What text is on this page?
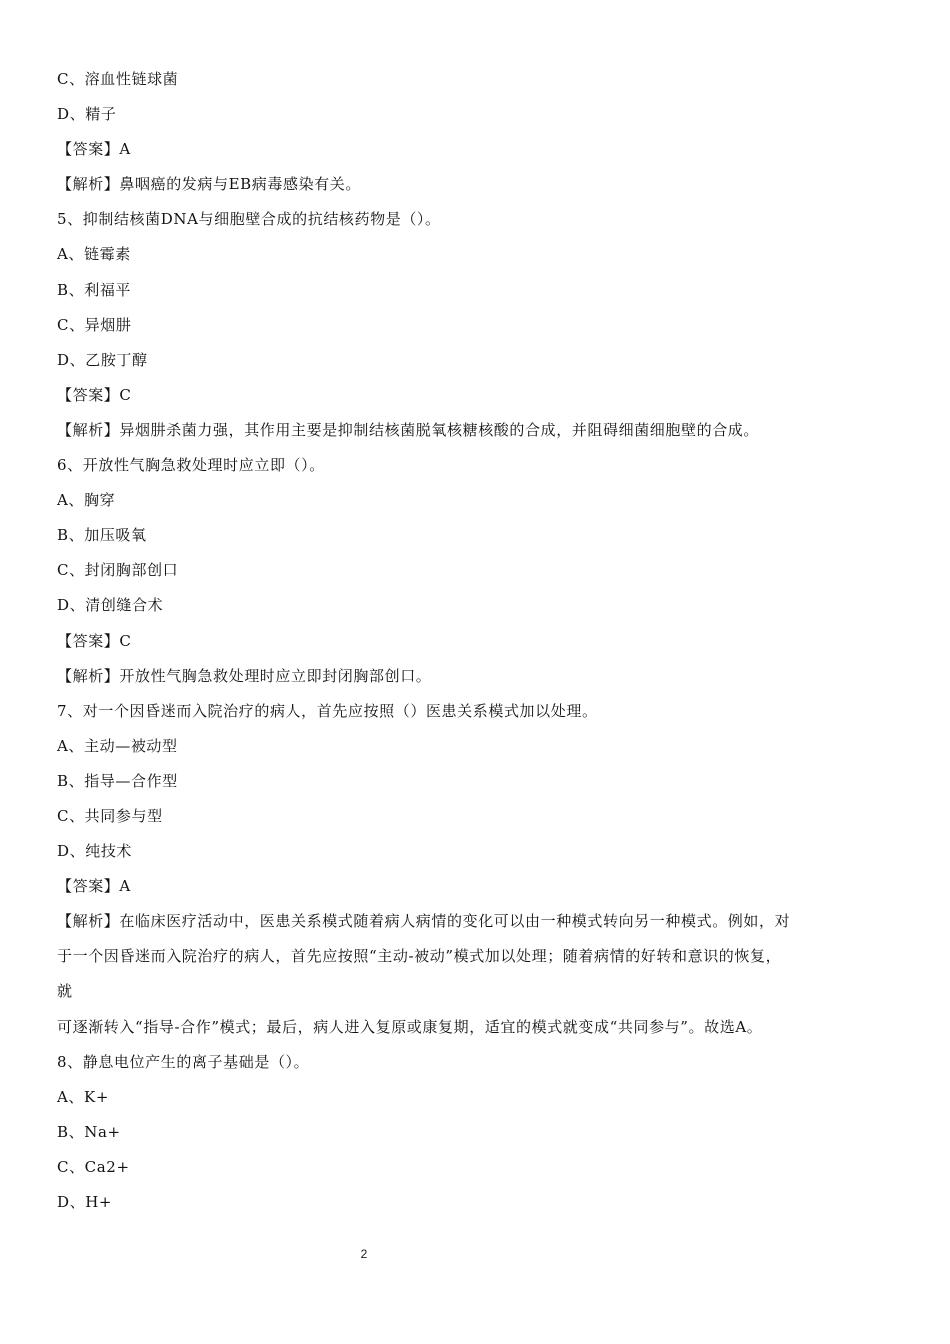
C、溶血性链球菌
D、精子
【答案】A
【解析】鼻咽癌的发病与EB病毒感染有关。
5、抑制结核菌DNA与细胞壁合成的抗结核药物是（）。
A、链霉素
B、利福平
C、异烟肼
D、乙胺丁醇
【答案】C
【解析】异烟肼杀菌力强，其作用主要是抑制结核菌脱氧核糖核酸的合成，并阻碍细菌细胞壁的合成。
6、开放性气胸急救处理时应立即（）。
A、胸穿
B、加压吸氧
C、封闭胸部创口
D、清创缝合术
【答案】C
【解析】开放性气胸急救处理时应立即封闭胸部创口。
7、对一个因昏迷而入院治疗的病人，首先应按照（）医患关系模式加以处理。
A、主动—被动型
B、指导—合作型
C、共同参与型
D、纯技术
【答案】A
【解析】在临床医疗活动中，医患关系模式随着病人病情的变化可以由一种模式转向另一种模式。例如，对
于一个因昏迷而入院治疗的病人，首先应按照“主动-被动”模式加以处理；随着病情的好转和意识的恢复，
就
可逐渐转入“指导-合作”模式；最后，病人进入复原或康复期，适宜的模式就变成“共同参与”。故选A。
8、静息电位产生的离子基础是（）。
A、K+
B、Na+
C、Ca2+
D、H+
2
